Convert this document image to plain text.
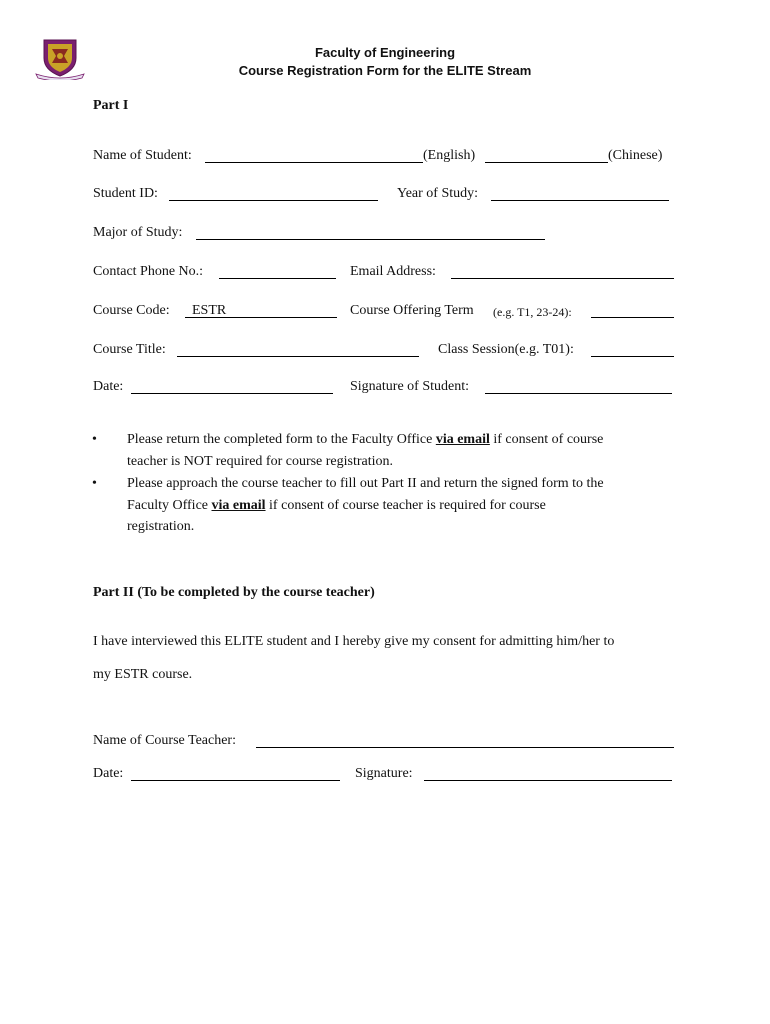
Faculty of Engineering
Course Registration Form for the ELITE Stream
Part I
Name of Student:	(English)	(Chinese)
Student ID:	Year of Study:
Major of Study:
Contact Phone No.:	Email Address:
Course Code: ESTR	Course Offering Term (e.g. T1, 23-24):
Course Title:	Class Session(e.g. T01):
Date:	Signature of Student:
• Please return the completed form to the Faculty Office via email if consent of course
teacher is NOT required for course registration.
• Please approach the course teacher to fill out Part II and return the signed form to the
Faculty Office via email if consent of course teacher is required for course
registration.
Part II (To be completed by the course teacher)
I have interviewed this ELITE student and I hereby give my consent for admitting him/her to
my ESTR course.
Name of Course Teacher:
Date:	Signature:
